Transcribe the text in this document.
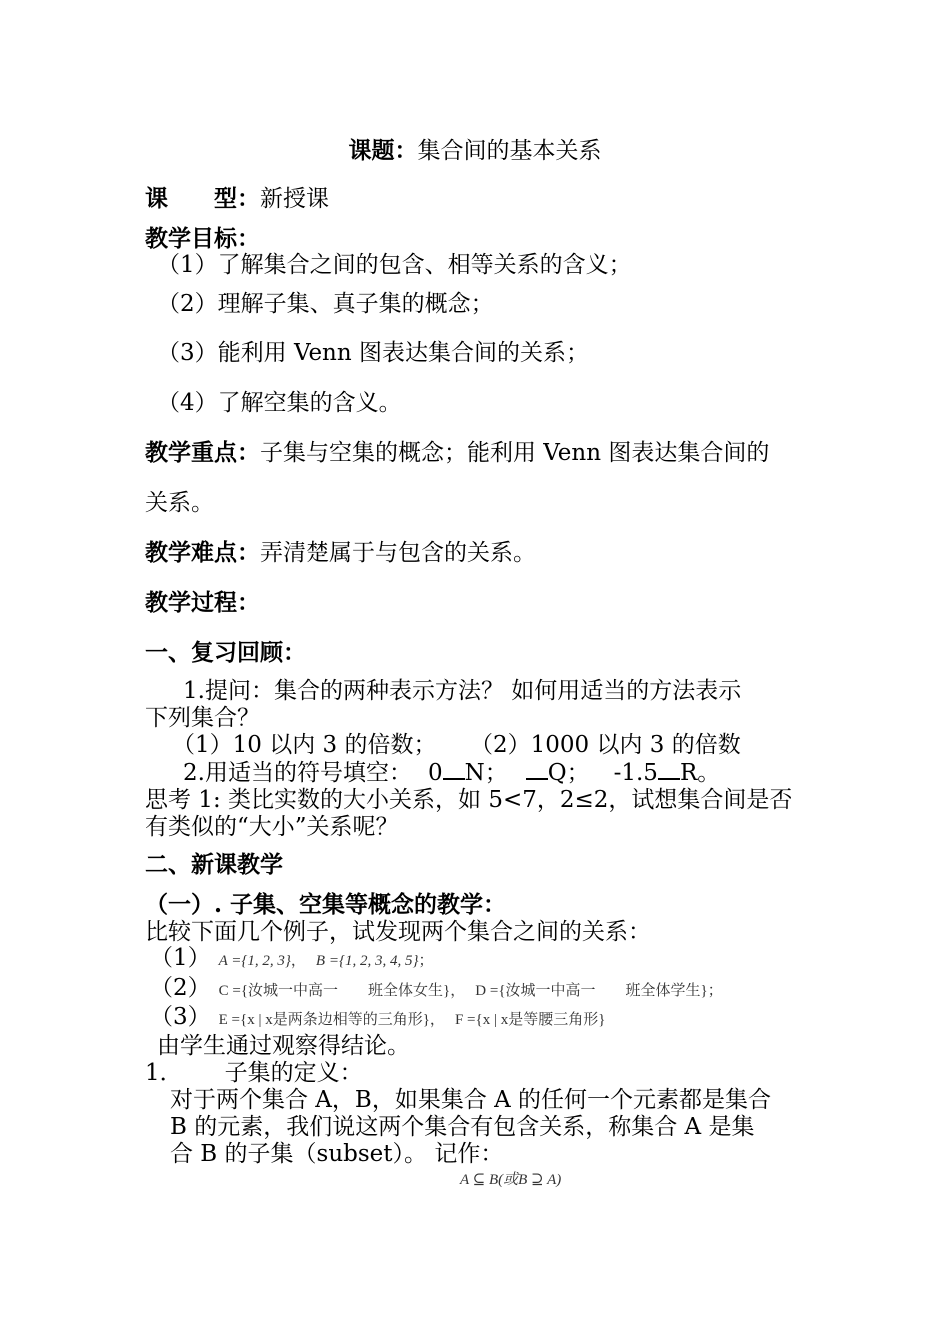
课题：集合间的基本关系
课　　型：新授课
教学目标：
（1）了解集合之间的包含、相等关系的含义；
（2）理解子集、真子集的概念；
（3）能利用 Venn 图表达集合间的关系；
（4）了解空集的含义。
教学重点：子集与空集的概念；能利用 Venn 图表达集合间的
关系。
教学难点：弄清楚属于与包含的关系。
教学过程：
一、复习回顾：
1.提问：集合的两种表示方法？ 如何用适当的方法表示
下列集合？
（1）10 以内 3 的倍数； （2）1000 以内 3 的倍数
2.用适当的符号填空： 0 N； Q； -1.5 R。
思考 1: 类比实数的大小关系，如 5<7，2≤2，试想集合间是否
有类似的“大小”关系呢？
二、新课教学
（一）. 子集、空集等概念的教学：
比较下面几个例子，试发现两个集合之间的关系：
（1） A ={1, 2, 3}， B ={1, 2, 3, 4, 5}；
（2） C ={汝城一中高一　　班全体女生}， D ={汝城一中高一　　班全体学生}；
（3） E ={x | x是两条边相等的三角形}， F ={x | x是等腰三角形}
由学生通过观察得结论。
1． 子集的定义：
对于两个集合 A，B，如果集合 A 的任何一个元素都是集合
B 的元素，我们说这两个集合有包含关系，称集合 A 是集
合 B 的子集（subset）。 记作：
A ⊆ B(或B ⊇ A)
